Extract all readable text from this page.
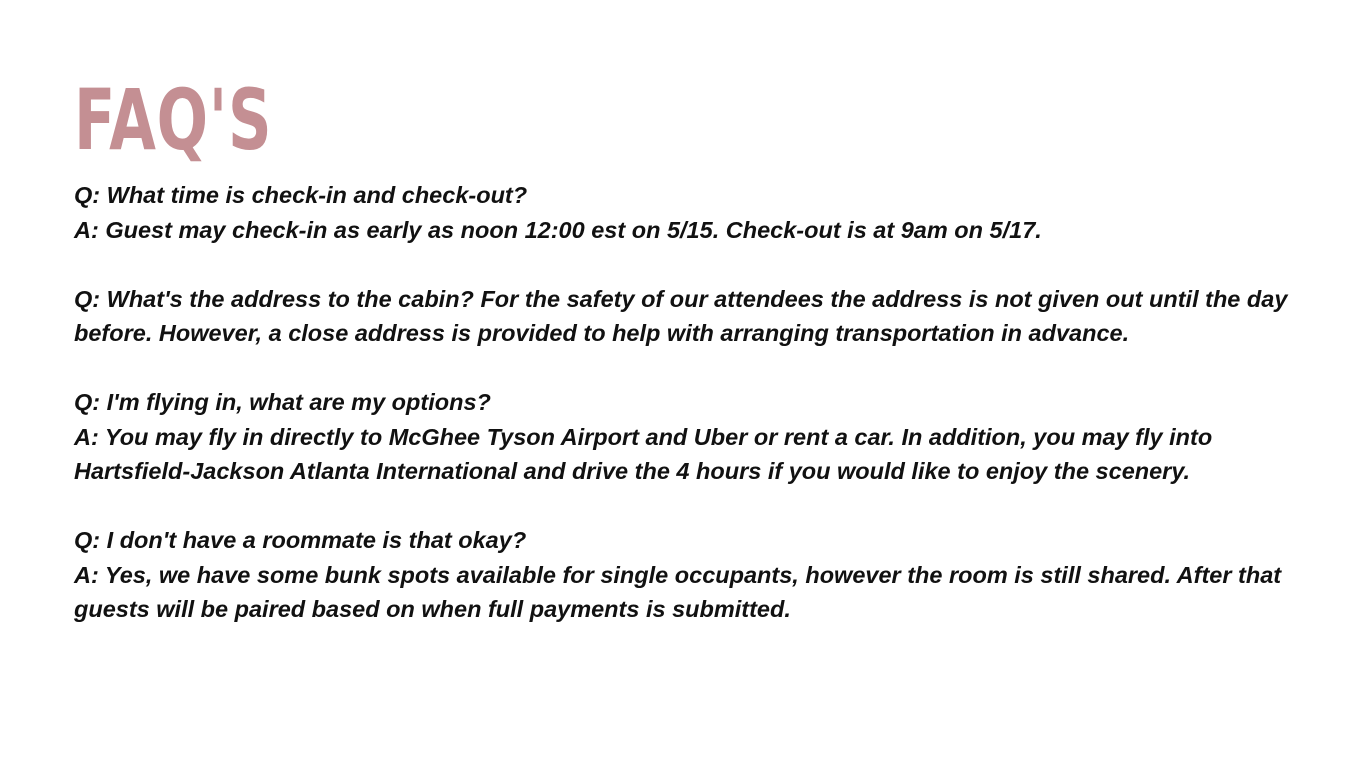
FAQ'S

Q: What time is check-in and check-out?

A: Guest may check-in as early as noon 12:00 est on 5/15. Check-out is at 9am on 5/17.

Q: What's the address to the cabin? For the safety of our attendees the address is not given out until the day before. However, a close address is provided to help with arranging transportation in advance.

Q: I'm flying in, what are my options?

A: You may fly in directly to McGhee Tyson Airport and Uber or rent a car. In addition, you may fly into Hartsfield-Jackson Atlanta International and drive the 4 hours if you would like to enjoy the scenery.

Q: I don't have a roommate is that okay?

A: Yes, we have some bunk spots available for single occupants, however the room is still shared. After that guests will be paired based on when full payments is submitted.
